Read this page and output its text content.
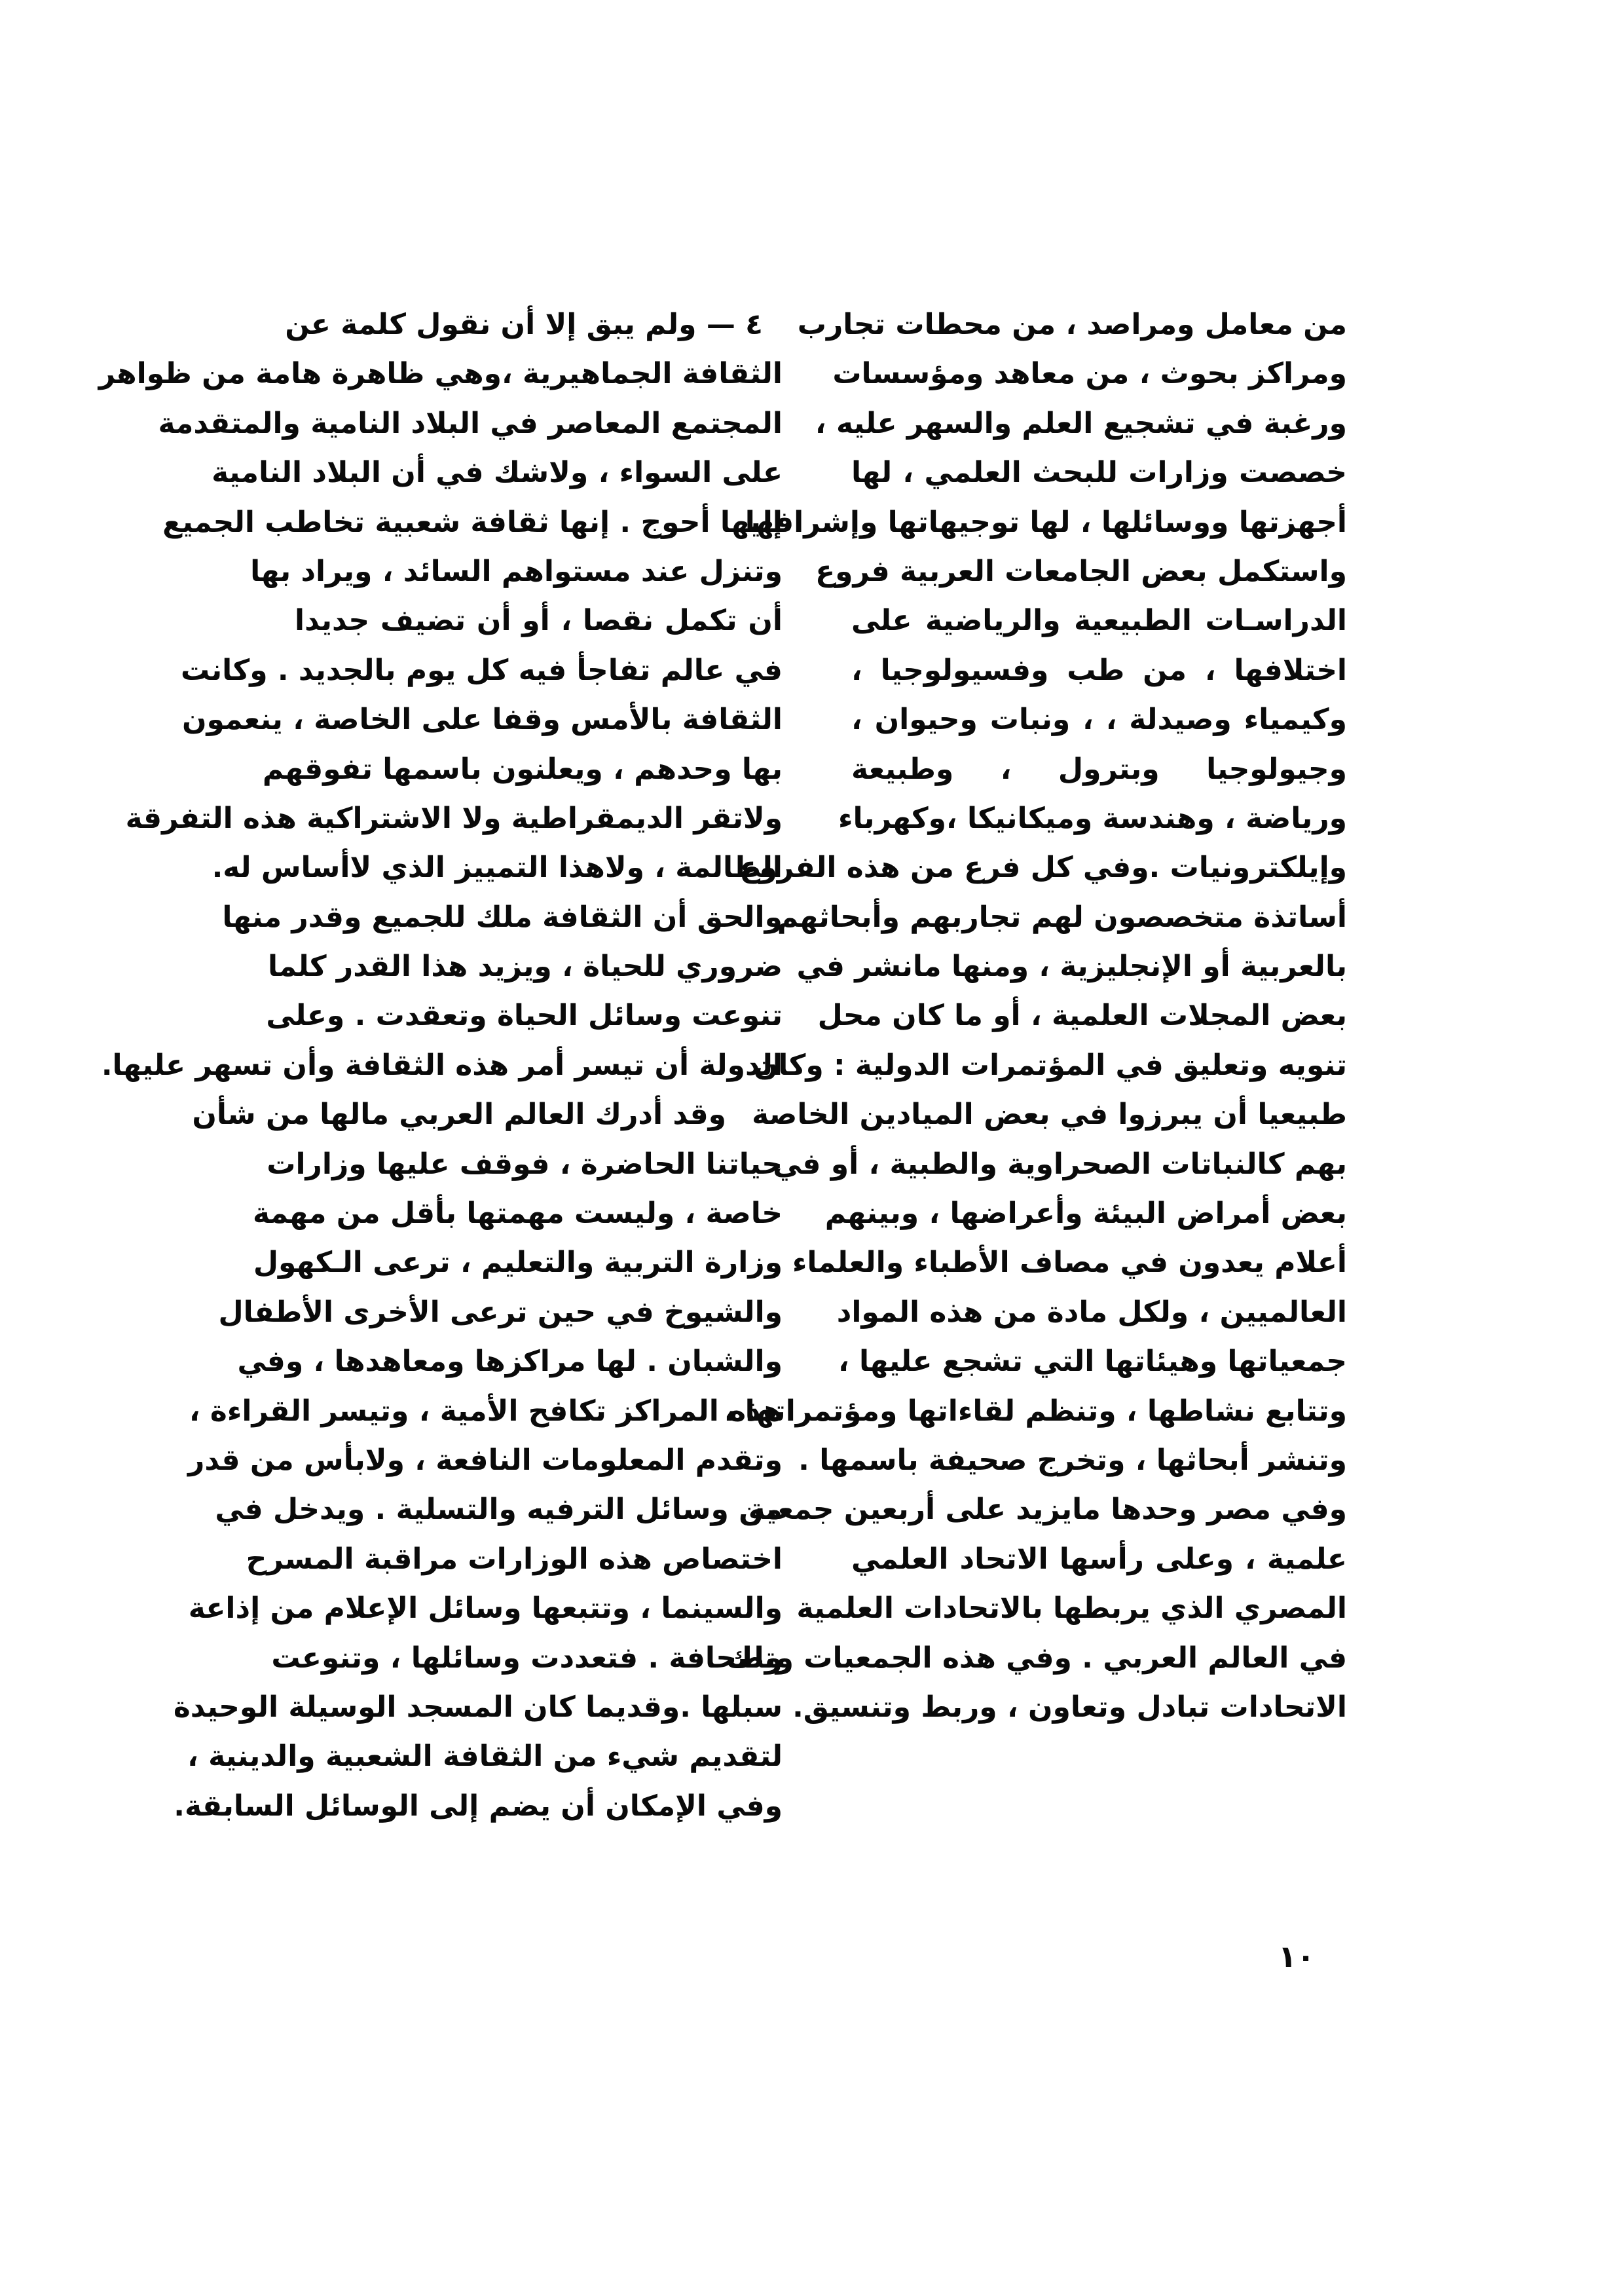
من معامل ومراصد ، من محطات تجارب
ومراكز بحوث ، من معاهد ومؤسسات
ورغبة في تشجيع العلم والسهر عليه ،
خصصت وزارات للبحث العلمي ، لها
أجهزتها ووسائلها ، لها توجيهاتها وإشرافها
واستكمل بعض الجامعات العربية فروع
الدراسـات الطبيعية والرياضية على
اختلافها ، من طب وفسيولوجيا ،
وكيمياء وصيدلة ، ، ونبات وحيوان ،
وجيولوجيا وبترول ، وطبيعة
ورياضة ، وهندسة وميكانيكا ،وكهرباء
وإيلكترونيات .وفي كل فرع من هذه الفروع
أساتذة متخصصون لهم تجاربهم وأبحاثهم
بالعربية أو الإنجليزية ، ومنها مانشر في
بعض المجلات العلمية ، أو ما كان محل
تنويه وتعليق في المؤتمرات الدولية : وكان
طبيعيا أن يبرزوا في بعض الميادين الخاصة
بهم كالنباتات الصحراوية والطبية ، أو في
بعض أمراض البيئة وأعراضها ، وبينهم
أعلام يعدون في مصاف الأطباء والعلماء
العالميين ، ولكل مادة من هذه المواد
جمعياتها وهيئاتها التي تشجع عليها ،
وتتابع نشاطها ، وتنظم لقاءاتها ومؤتمراتها ،
وتنشر أبحاثها ، وتخرج صحيفة باسمها .
وفي مصر وحدها مايزيد على أربعين جمعية
علمية ، وعلى رأسها الاتحاد العلمي
المصري الذي يربطها بالاتحادات العلمية
في العالم العربي . وفي هذه الجمعيات وتلك
الاتحادات تبادل وتعاون ، وربط وتنسيق.
٤ — ولم يبق إلا أن نقول كلمة عن
الثقافة الجماهيرية ،وهي ظاهرة هامة من ظواهر
المجتمع المعاصر في البلاد النامية والمتقدمة
على السواء ، ولاشك في أن البلاد النامية
إليها أحوج . إنها ثقافة شعبية تخاطب الجميع
وتنزل عند مستواهم السائد ، ويراد بها
أن تكمل نقصا ، أو أن تضيف جديدا
في عالم تفاجأ فيه كل يوم بالجديد . وكانت
الثقافة بالأمس وقفا على الخاصة ، ينعمون
بها وحدهم ، ويعلنون باسمها تفوقهم
ولاتقر الديمقراطية ولا الاشتراكية هذه التفرقة
الظالمة ، ولاهذا التمييز الذي لاأساس له.
والحق أن الثقافة ملك للجميع وقدر منها
ضروري للحياة ، ويزيد هذا القدر كلما
تنوعت وسائل الحياة وتعقدت . وعلى
الدولة أن تيسر أمر هذه الثقافة وأن تسهر عليها.
وقد أدرك العالم العربي مالها من شأن
حياتنا الحاضرة ، فوقف عليها وزارات
خاصة ، وليست مهمتها بأقل من مهمة
وزارة التربية والتعليم ، ترعى الـكهول
والشيوخ في حين ترعى الأخرى الأطفال
والشبان . لها مراكزها ومعاهدها ، وفي
هذه المراكز تكافح الأمية ، وتيسر القراءة ،
وتقدم المعلومات النافعة ، ولابأس من قدر
من وسائل الترفيه والتسلية . ويدخل في
اختصاص هذه الوزارات مراقبة المسرح
والسينما ، وتتبعها وسائل الإعلام من إذاعة
وصحافة . فتعددت وسائلها ، وتنوعت
سبلها .وقديما كان المسجد الوسيلة الوحيدة
لتقديم شيء من الثقافة الشعبية والدينية ،
وفي الإمكان أن يضم إلى الوسائل السابقة.
١٠
